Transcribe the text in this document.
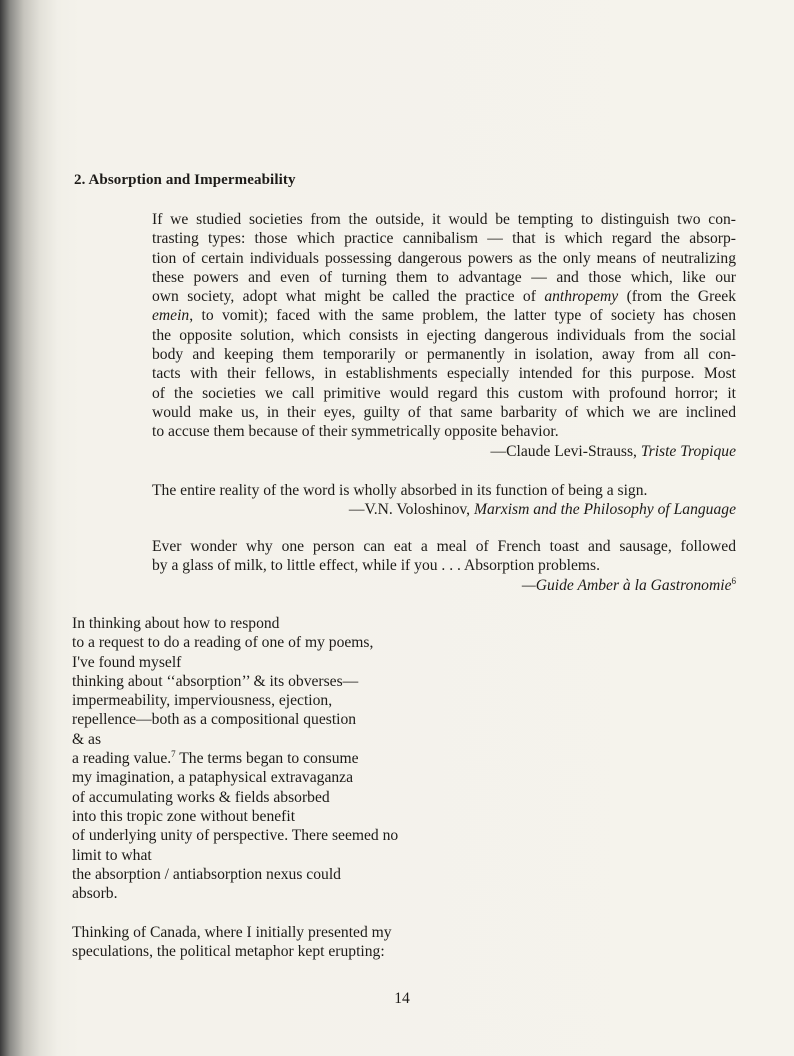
2. Absorption and Impermeability
If we studied societies from the outside, it would be tempting to distinguish two con-
trasting types: those which practice cannibalism — that is which regard the absorp-
tion of certain individuals possessing dangerous powers as the only means of neutralizing
these powers and even of turning them to advantage — and those which, like our
own society, adopt what might be called the practice of anthropemy (from the Greek
emein, to vomit); faced with the same problem, the latter type of society has chosen
the opposite solution, which consists in ejecting dangerous individuals from the social
body and keeping them temporarily or permanently in isolation, away from all con-
tacts with their fellows, in establishments especially intended for this purpose. Most
of the societies we call primitive would regard this custom with profound horror; it
would make us, in their eyes, guilty of that same barbarity of which we are inclined
to accuse them because of their symmetrically opposite behavior.
—Claude Levi-Strauss, Triste Tropique
The entire reality of the word is wholly absorbed in its function of being a sign.
—V.N. Voloshinov, Marxism and the Philosophy of Language
Ever wonder why one person can eat a meal of French toast and sausage, followed
by a glass of milk, to little effect, while if you . . . Absorption problems.
—Guide Amber à la Gastronomie$^6$
In thinking about how to respond
to a request to do a reading of one of my poems,
I've found myself
thinking about ‘‘absorption’’ & its obverses—
impermeability, imperviousness, ejection,
repellence—both as a compositional question
& as
a reading value.$^7$ The terms began to consume
my imagination, a pataphysical extravaganza
of accumulating works & fields absorbed
into this tropic zone without benefit
of underlying unity of perspective. There seemed no
limit to what
the absorption / antiabsorption nexus could
absorb.
Thinking of Canada, where I initially presented my
speculations, the political metaphor kept erupting:
14
